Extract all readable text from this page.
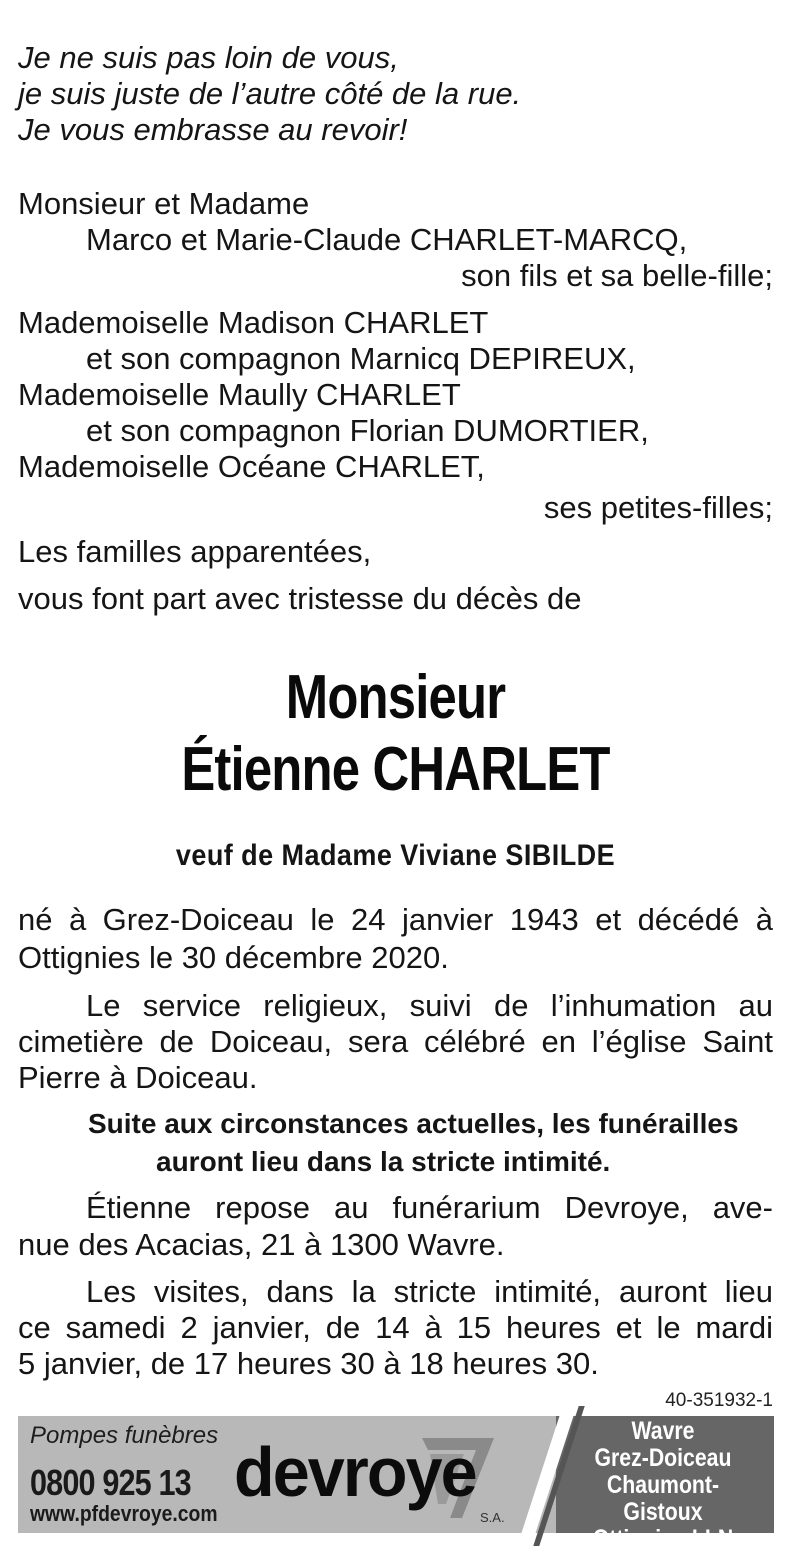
Je ne suis pas loin de vous,
je suis juste de l’autre côté de la rue.
Je vous embrasse au revoir!
Monsieur et Madame
Marco et Marie-Claude CHARLET-MARCQ,
son fils et sa belle-fille;
Mademoiselle Madison CHARLET
et son compagnon Marnicq DEPIREUX,
Mademoiselle Maully CHARLET
et son compagnon Florian DUMORTIER,
Mademoiselle Océane CHARLET,
ses petites-filles;
Les familles apparentées,
vous font part avec tristesse du décès de
Monsieur
Étienne CHARLET
veuf de Madame Viviane SIBILDE
né à Grez-Doiceau le 24 janvier 1943 et décédé à
Ottignies le 30 décembre 2020.
Le service religieux, suivi de l’inhumation au
cimetière de Doiceau, sera célébré en l’église Saint
Pierre à Doiceau.
Suite aux circonstances actuelles, les funérailles
auront lieu dans la stricte intimité.
Étienne repose au funérarium Devroye, ave-
nue des Acacias, 21 à 1300 Wavre.
Les visites, dans la stricte intimité, auront lieu
ce samedi 2 janvier, de 14 à 15 heures et le mardi
5 janvier, de 17 heures 30 à 18 heures 30.
40-351932-1
Pompes funèbres
0800 925 13
www.pfdevroye.com
devroye
S.A.
Wavre
Grez-Doiceau
Chaumont-Gistoux
Ottignies-LLN
